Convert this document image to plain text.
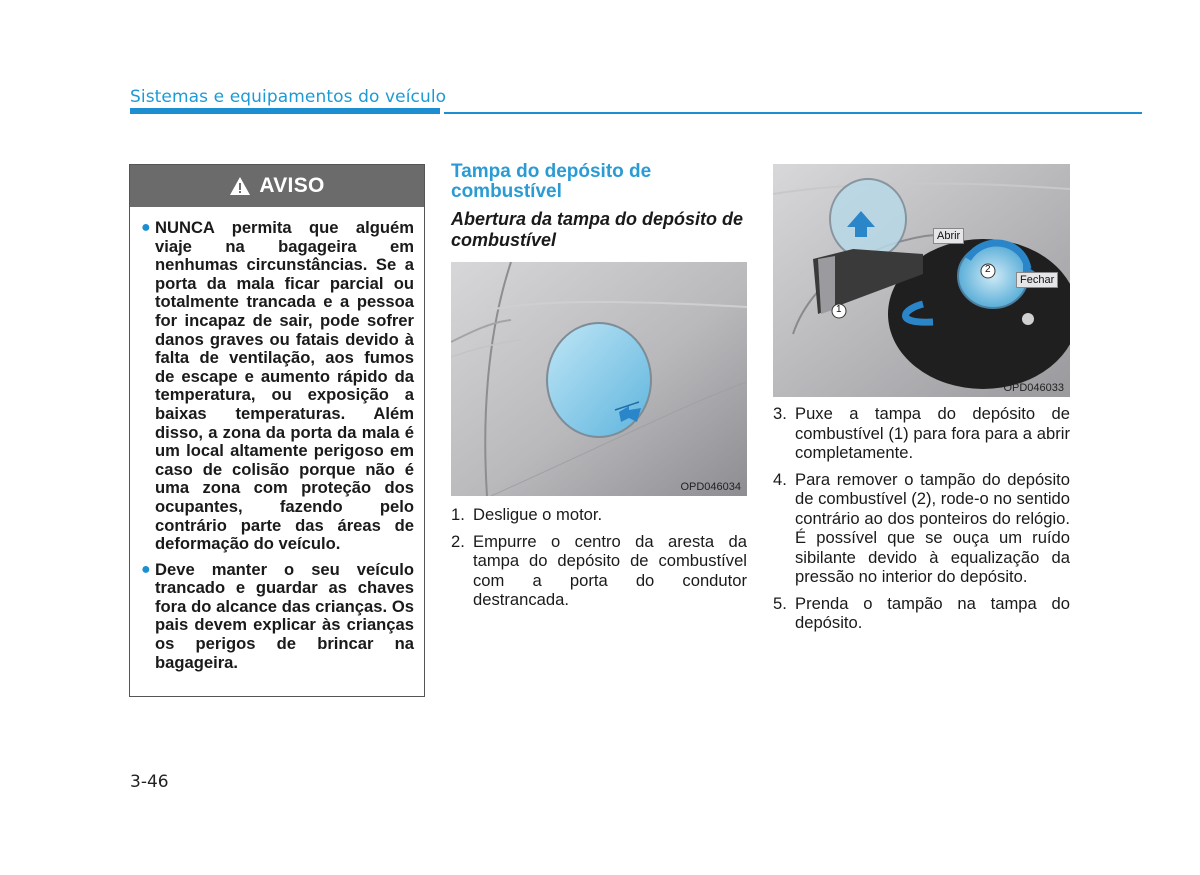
Sistemas e equipamentos do veículo
AVISO
● NUNCA permita que alguém viaje na bagageira em nenhumas circunstâncias. Se a porta da mala ficar parcial ou totalmente trancada e a pessoa for incapaz de sair, pode sofrer danos graves ou fatais devido à falta de ventilação, aos fumos de escape e aumento rápido da temperatura, ou exposição a baixas temperaturas. Além disso, a zona da porta da mala é um local altamente perigoso em caso de colisão porque não é uma zona com proteção dos ocupantes, fazendo pelo contrário parte das áreas de deformação do veículo.
● Deve manter o seu veículo trancado e guardar as chaves fora do alcance das crianças. Os pais devem explicar às crianças os perigos de brincar na bagageira.
Tampa do depósito de combustível
Abertura da tampa do depósito de combustível
OPD046034
1. Desligue o motor.
2. Empurre o centro da aresta da tampa do depósito de combustível com a porta do condutor destrancada.
1
2
Abrir
Fechar
OPD046033
3. Puxe a tampa do depósito de combustível (1) para fora para a abrir completamente.
4. Para remover o tampão do depósito de combustível (2), rode-o no sentido contrário ao dos ponteiros do relógio. É possível que se ouça um ruído sibilante devido à equalização da pressão no interior do depósito.
5. Prenda o tampão na tampa do depósito.
3-46
